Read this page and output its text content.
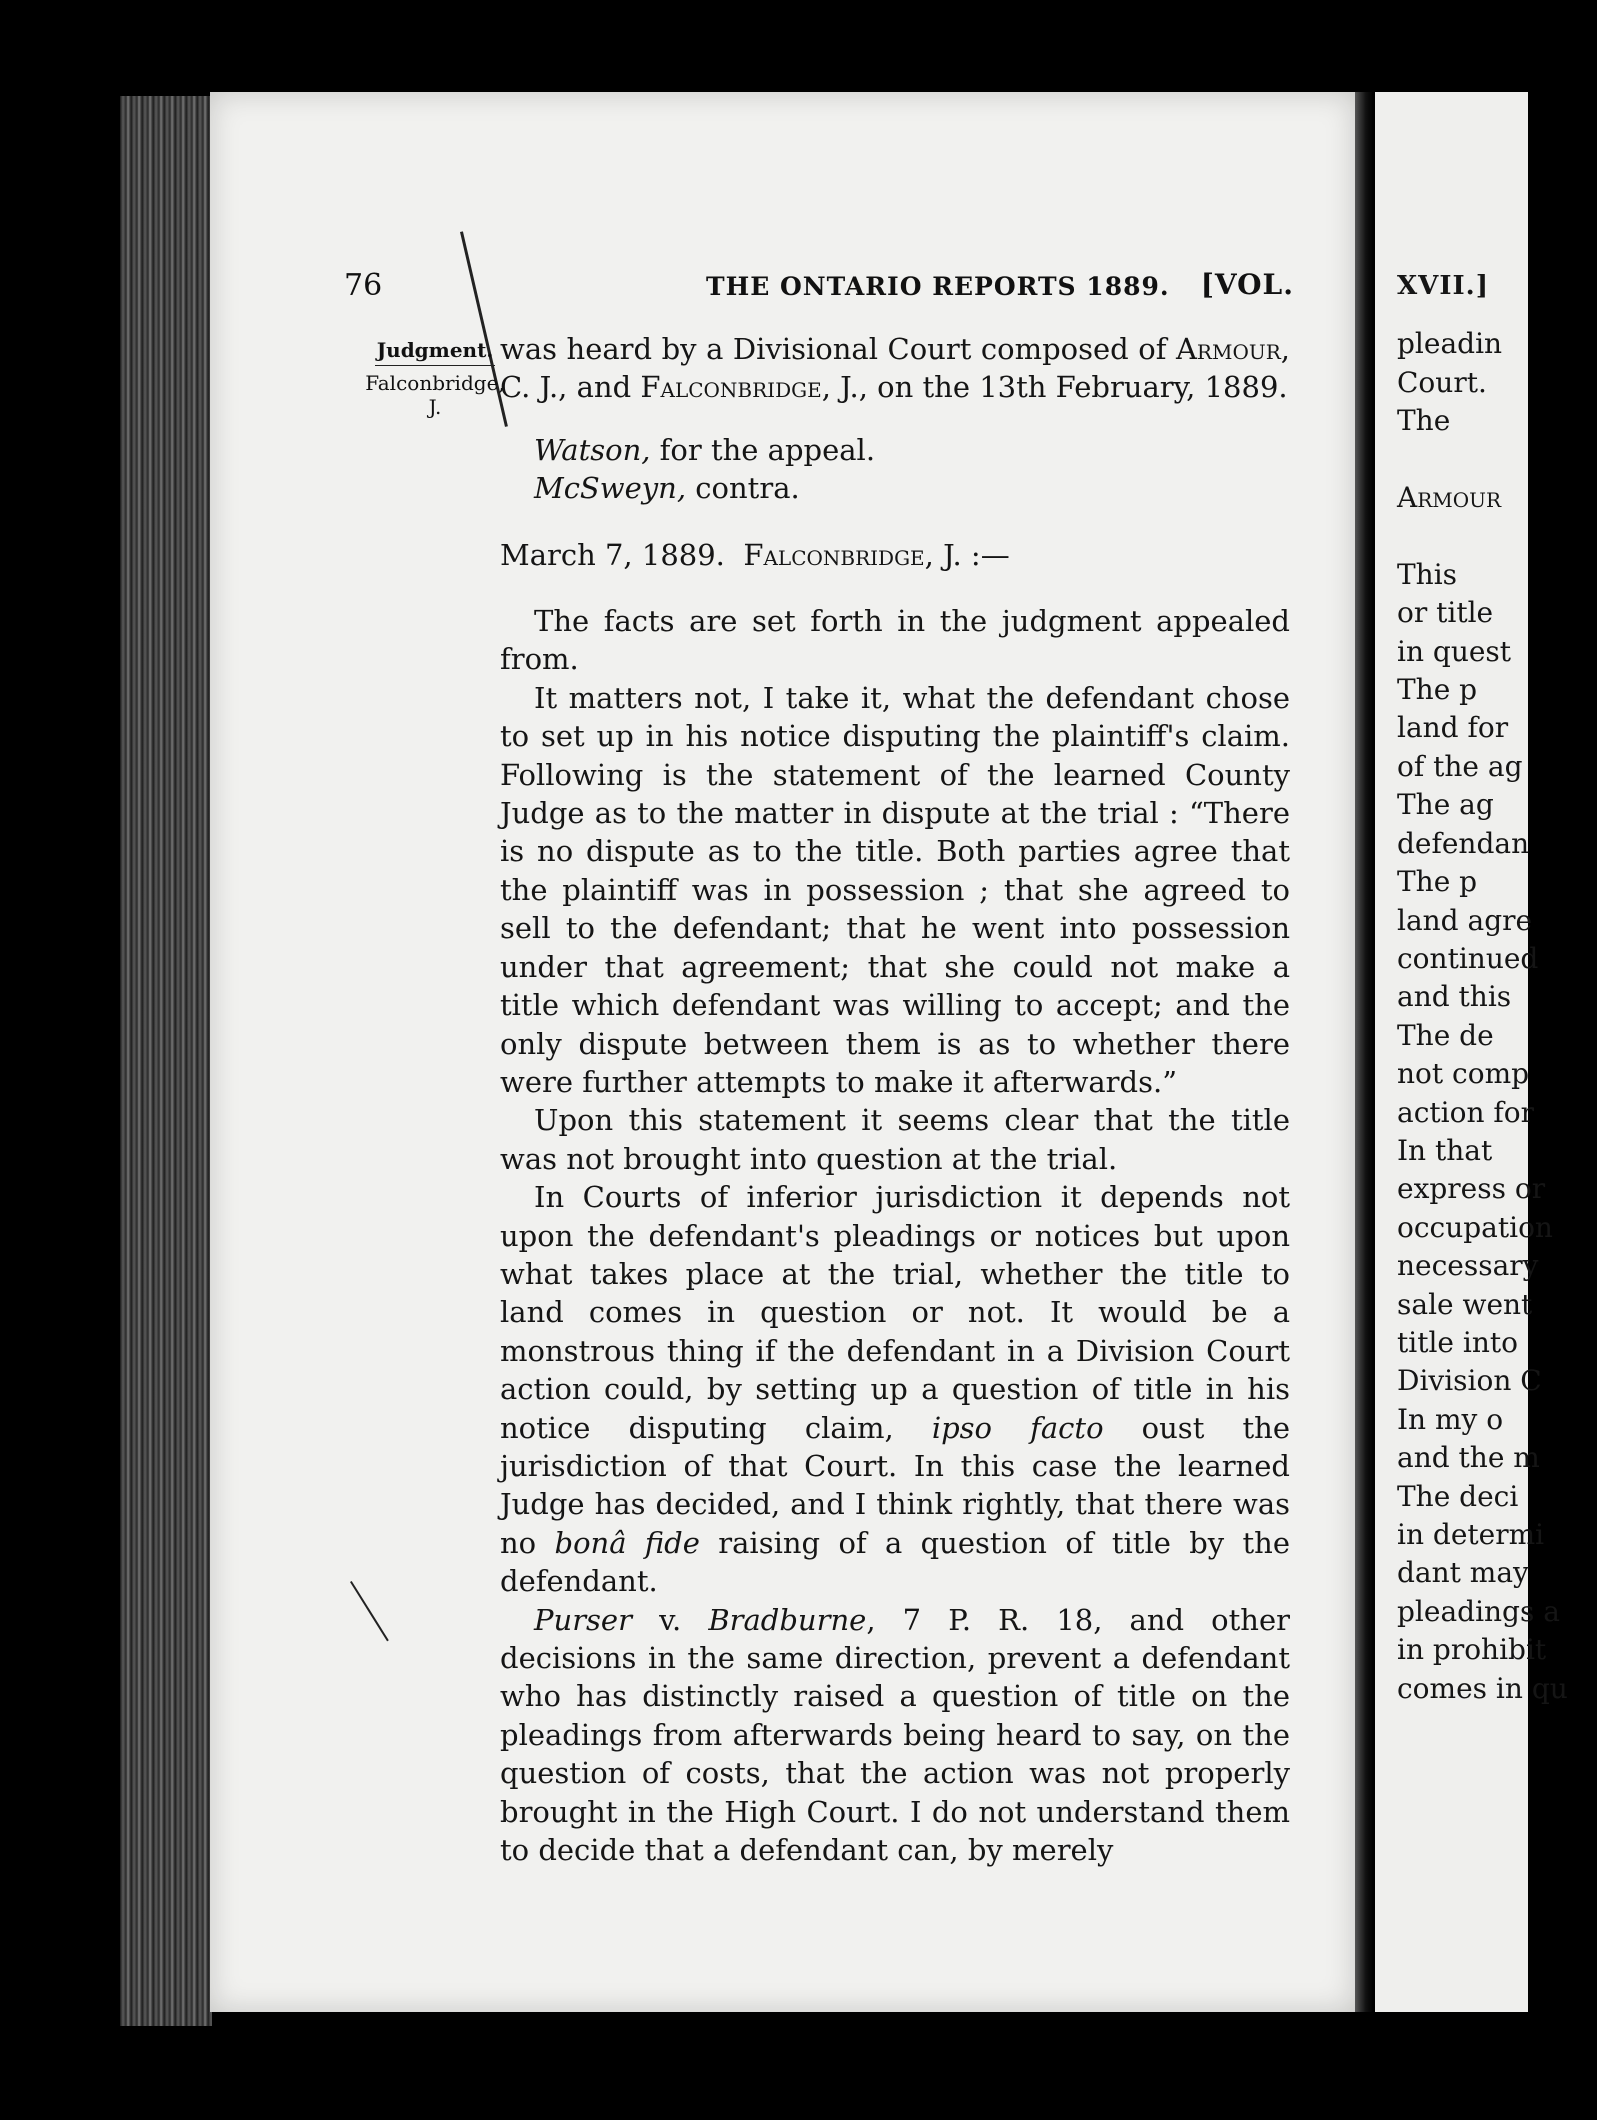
76	THE ONTARIO REPORTS 1889. [VOL.
Judgment.
Falconbridge,
J.

was heard by a Divisional Court composed of Armour, C. J., and Falconbridge, J., on the 13th February, 1889.

Watson, for the appeal.

McSweyn, contra.

March 7, 1889. Falconbridge, J. :—

The facts are set forth in the judgment appealed from.

It matters not, I take it, what the defendant chose to set up in his notice disputing the plaintiff's claim. Following is the statement of the learned County Judge as to the matter in dispute at the trial : “There is no dispute as to the title. Both parties agree that the plaintiff was in possession ; that she agreed to sell to the defendant; that he went into possession under that agreement; that she could not make a title which defendant was willing to accept; and the only dispute between them is as to whether there were further attempts to make it afterwards.”

Upon this statement it seems clear that the title was not brought into question at the trial.

In Courts of inferior jurisdiction it depends not upon the defendant's pleadings or notices but upon what takes place at the trial, whether the title to land comes in question or not. It would be a monstrous thing if the defendant in a Division Court action could, by setting up a question of title in his notice disputing claim, ipso facto oust the jurisdiction of that Court. In this case the learned Judge has decided, and I think rightly, that there was no bonâ fide raising of a question of title by the defendant.

Purser v. Bradburne, 7 P. R. 18, and other decisions in the same direction, prevent a defendant who has distinctly raised a question of title on the pleadings from afterwards being heard to say, on the question of costs, that the action was not properly brought in the High Court. I do not understand them to decide that a defendant can, by merely

XVII.]

pleadin

Court.

The

Armour

This

or title

in quest

The p

land for

of the ag

The ag

defendan

The p

land agre

continued

and this

The de

not comp

action for

In that

express or

occupation

necessary

sale went

title into

Division C

In my o

and the m

The deci

in determi

dant may

pleadings a

in prohibit

comes in qu
